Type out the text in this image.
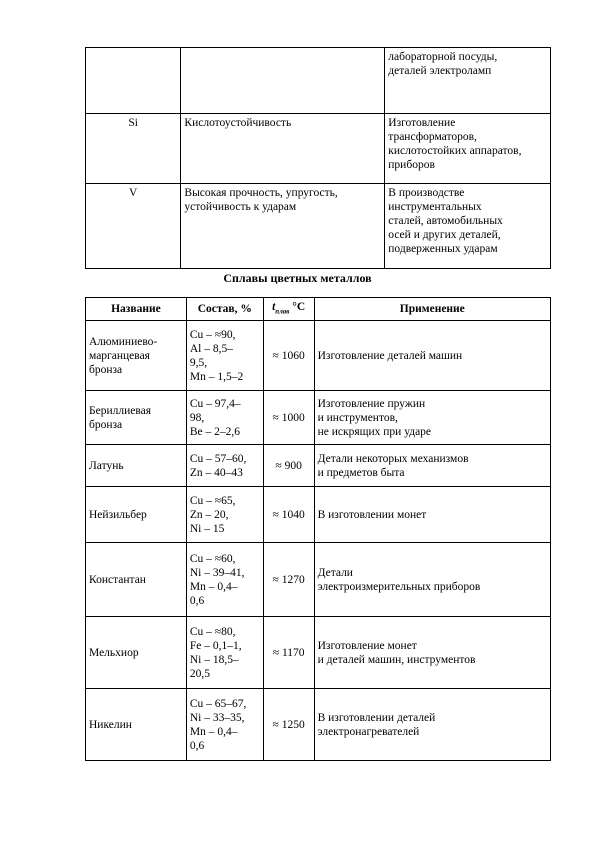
		лабораторной посуды,
деталей электроламп

Si	Кислотоустойчивость	Изготовление
трансформаторов,
кислотостойких аппаратов,
приборов

V	Высокая прочность, упругость,
устойчивость к ударам	В производстве
инструментальных
сталей, автомобильных
осей и других деталей,
подверженных ударам
Сплавы цветных металлов
Название	Состав, %	$t_{плав}$ °С	Применение

Алюминиево-
марганцевая
бронза	Cu – ≈90,
Al – 8,5–
9,5,
Mn – 1,5–2	≈ 1060	Изготовление деталей машин

Бериллиевая
бронза	Cu – 97,4–
98,
Be – 2–2,6	≈ 1000	Изготовление пружин
и инструментов,
не искрящих при ударе

Латунь	Cu – 57–60,
Zn – 40–43	≈ 900	Детали некоторых механизмов
и предметов быта

Нейзильбер	Cu – ≈65,
Zn – 20,
Ni – 15	≈ 1040	В изготовлении монет

Константан	Cu – ≈60,
Ni – 39–41,
Mn – 0,4–
0,6	≈ 1270	Детали
электроизмерительных приборов

Мельхиор	Cu – ≈80,
Fe – 0,1–1,
Ni – 18,5–
20,5	≈ 1170	Изготовление монет
и деталей машин, инструментов

Никелин	Cu – 65–67,
Ni – 33–35,
Mn – 0,4–
0,6	≈ 1250	В изготовлении деталей
электронагревателей
